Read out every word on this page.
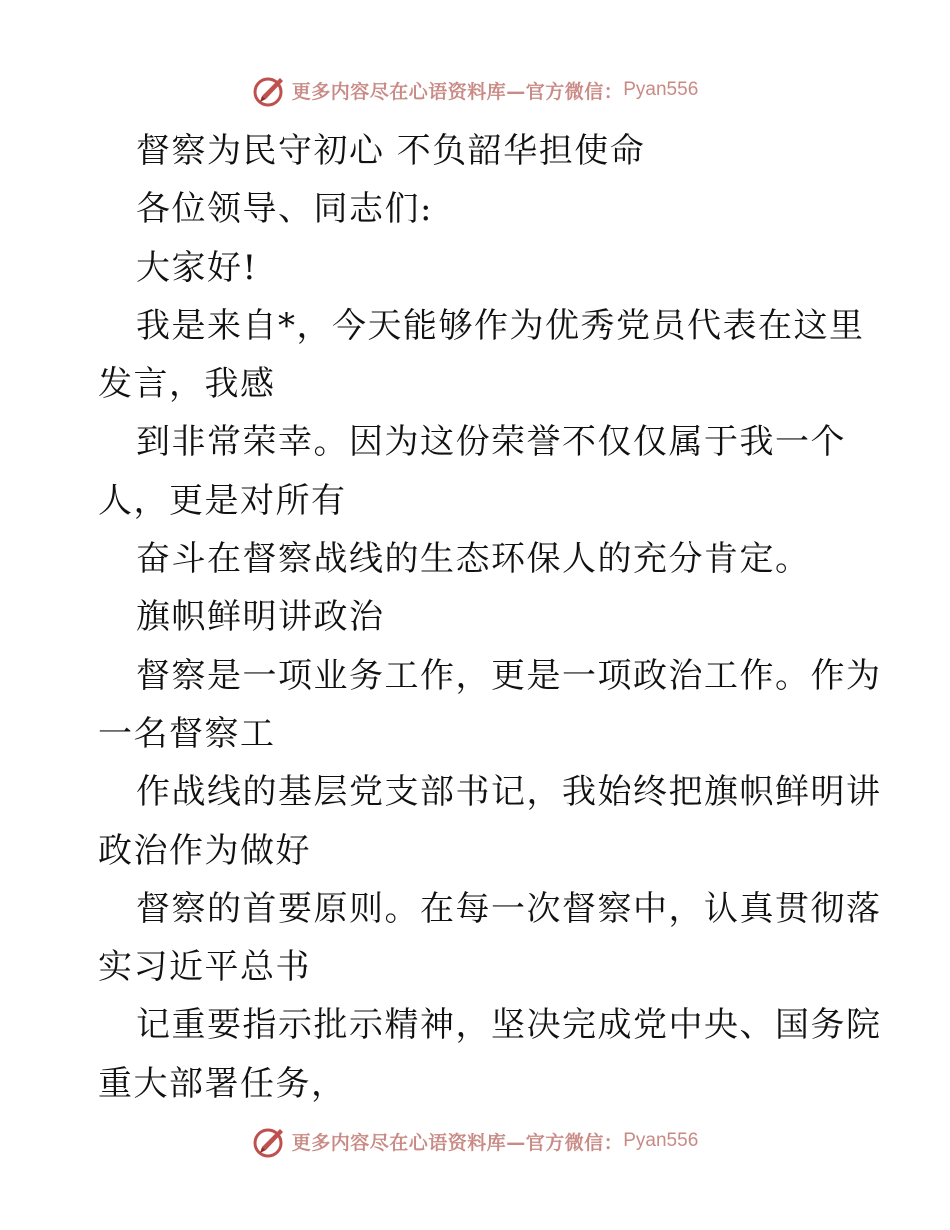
更多内容尽在心语资料库—官方微信： Pyan556
督察为民守初心 不负韶华担使命
各位领导、同志们:
大家好!
我是来自*，今天能够作为优秀党员代表在这里
发言，我感
到非常荣幸。因为这份荣誉不仅仅属于我一个
人，更是对所有
奋斗在督察战线的生态环保人的充分肯定。
旗帜鲜明讲政治
督察是一项业务工作，更是一项政治工作。作为
一名督察工
作战线的基层党支部书记，我始终把旗帜鲜明讲
政治作为做好
督察的首要原则。在每一次督察中，认真贯彻落
实习近平总书
记重要指示批示精神，坚决完成党中央、国务院
重大部署任务，
更多内容尽在心语资料库—官方微信： Pyan556
